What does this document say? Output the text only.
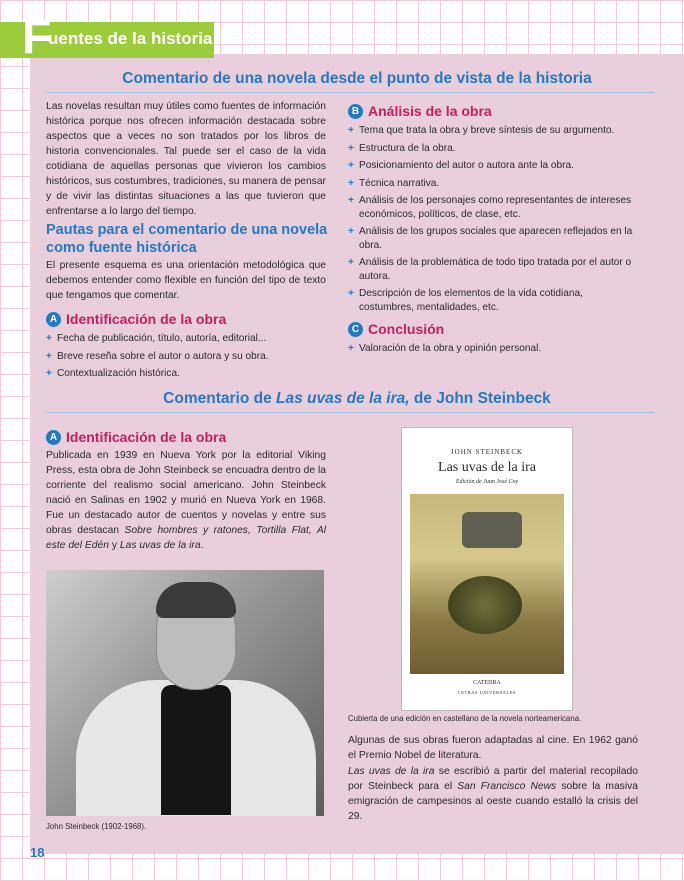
F
uentes de la historia
Comentario de una novela desde el punto de vista de la historia

Las novelas resultan muy útiles como fuentes de información histórica porque nos ofrecen información destacada sobre aspectos que a veces no son tratados por los libros de historia convencionales. Tal puede ser el caso de la vida cotidiana de aquellas personas que vivieron los cambios históricos, sus costumbres, tradiciones, su manera de pensar y de vivir las distintas situaciones a las que tuvieron que enfrentarse a lo largo del tiempo.

Pautas para el comentario de una novela como fuente histórica

El presente esquema es una orientación metodológica que debemos entender como flexible en función del tipo de texto que tengamos que comentar.

A Identificación de la obra
+ Fecha de publicación, título, autoría, editorial...
+ Breve reseña sobre el autor o autora y su obra.
+ Contextualización histórica.
B Análisis de la obra
+ Tema que trata la obra y breve síntesis de su argumento.
+ Estructura de la obra.
+ Posicionamiento del autor o autora ante la obra.
+ Técnica narrativa.
+ Análisis de los personajes como representantes de intereses económicos, políticos, de clase, etc.
+ Análisis de los grupos sociales que aparecen reflejados en la obra.
+ Análisis de la problemática de todo tipo tratada por el autor o autora.
+ Descripción de los elementos de la vida cotidiana, costumbres, mentalidades, etc.
C Conclusión
+ Valoración de la obra y opinión personal.
Comentario de Las uvas de la ira, de John Steinbeck
A Identificación de la obra

Publicada en 1939 en Nueva York por la editorial Viking Press, esta obra de John Steinbeck se encuadra dentro de la corriente del realismo social americano. John Steinbeck nació en Salinas en 1902 y murió en Nueva York en 1968. Fue un destacado autor de cuentos y novelas y entre sus obras destacan Sobre hombres y ratones, Tortilla Flat, Al este del Edén y Las uvas de la ira.

John Steinbeck (1902-1968).
JOHN STEINBECK
Las uvas de la ira
Edición de Juan José Coy
CATEDRA
LETRAS UNIVERSALES
Cubierta de una edición en castellano de la novela norteamericana.

Algunas de sus obras fueron adaptadas al cine. En 1962 ganó el Premio Nobel de literatura.

Las uvas de la ira se escribió a partir del material recopilado por Steinbeck para el San Francisco News sobre la masiva emigración de campesinos al oeste cuando estalló la crisis del 29.

18
